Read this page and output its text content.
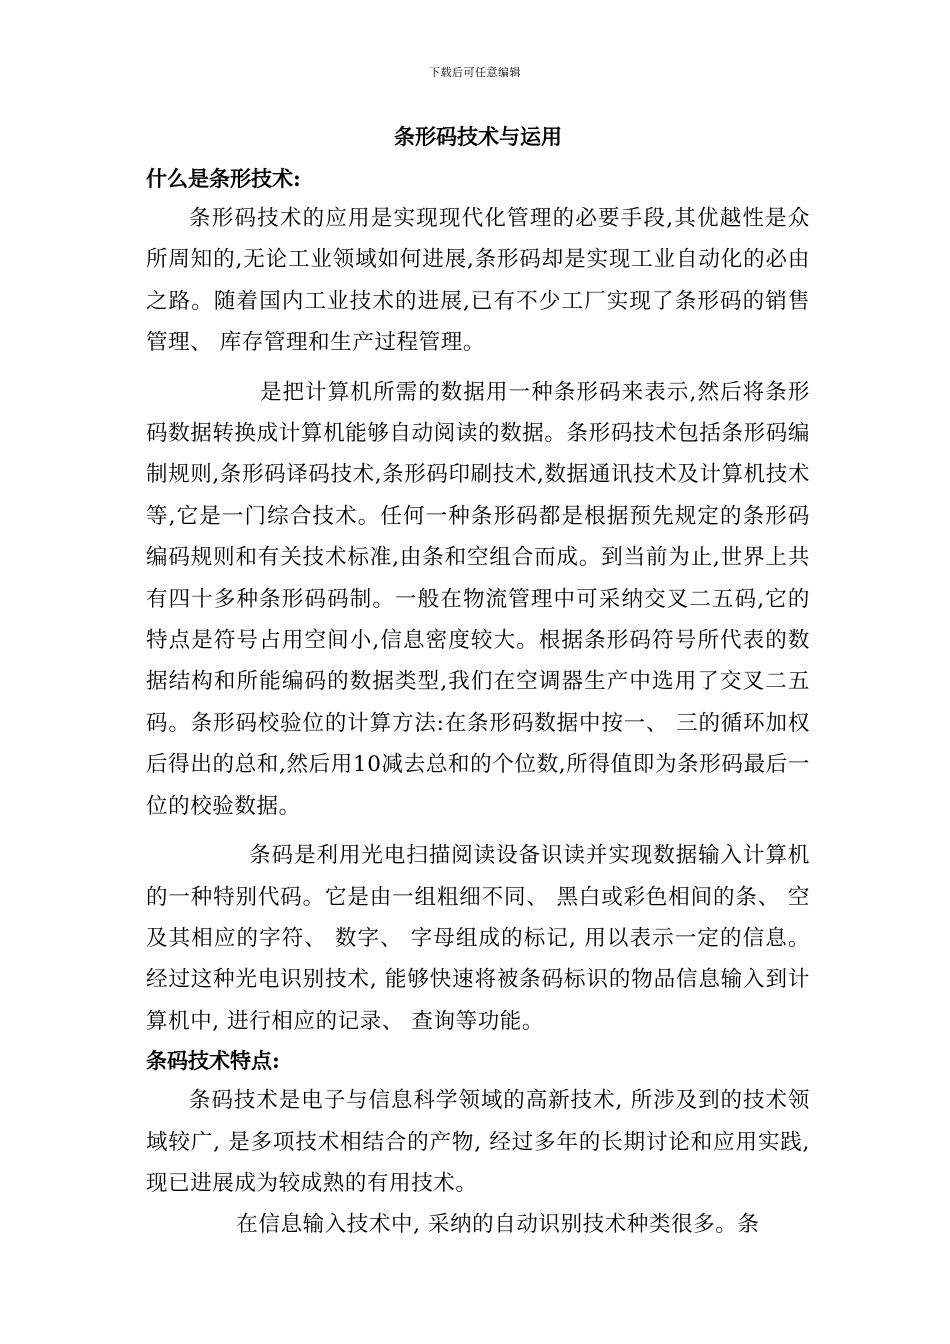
下载后可任意编辑
条形码技术与运用
什么是条形技术:

条形码技术的应用是实现现代化管理的必要手段,其优越性是众所周知的,无论工业领域如何进展,条形码却是实现工业自动化的必由之路。随着国内工业技术的进展,已有不少工厂实现了条形码的销售管理、 库存管理和生产过程管理。

是把计算机所需的数据用一种条形码来表示,然后将条形码数据转换成计算机能够自动阅读的数据。条形码技术包括条形码编制规则,条形码译码技术,条形码印刷技术,数据通讯技术及计算机技术等,它是一门综合技术。任何一种条形码都是根据预先规定的条形码编码规则和有关技术标准,由条和空组合而成。到当前为止,世界上共有四十多种条形码码制。一般在物流管理中可采纳交叉二五码,它的特点是符号占用空间小,信息密度较大。根据条形码符号所代表的数据结构和所能编码的数据类型,我们在空调器生产中选用了交叉二五码。条形码校验位的计算方法:在条形码数据中按一、 三的循环加权后得出的总和,然后用10减去总和的个位数,所得值即为条形码最后一位的校验数据。

条码是利用光电扫描阅读设备识读并实现数据输入计算机的一种特别代码。它是由一组粗细不同、 黑白或彩色相间的条、 空及其相应的字符、 数字、 字母组成的标记, 用以表示一定的信息。经过这种光电识别技术, 能够快速将被条码标识的物品信息输入到计算机中, 进行相应的记录、 查询等功能。

条码技术特点:

条码技术是电子与信息科学领域的高新技术, 所涉及到的技术领域较广, 是多项技术相结合的产物, 经过多年的长期讨论和应用实践, 现已进展成为较成熟的有用技术。

在信息输入技术中, 采纳的自动识别技术种类很多。条
